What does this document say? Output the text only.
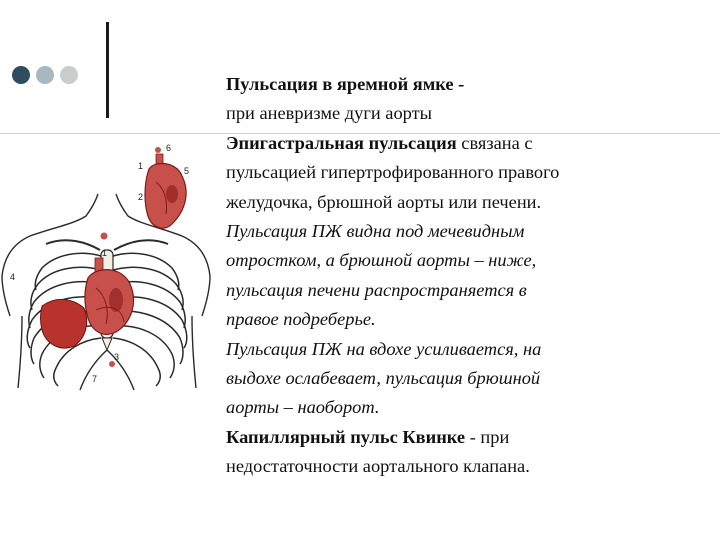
6
1	5
2
4
1
3
7

Пульсация в яремной ямке -

при аневризме дуги аорты

Эпигастральная пульсация связана с

пульсацией гипертрофированного правого

желудочка, брюшной аорты или печени.

Пульсация ПЖ видна под мечевидным

отростком, а брюшной аорты – ниже,

пульсация печени распространяется в

правое подреберье.

Пульсация ПЖ на вдохе усиливается, на

выдохе ослабевает, пульсация брюшной

аорты – наоборот.

Капиллярный пульс Квинке - при

недостаточности аортального клапана.
